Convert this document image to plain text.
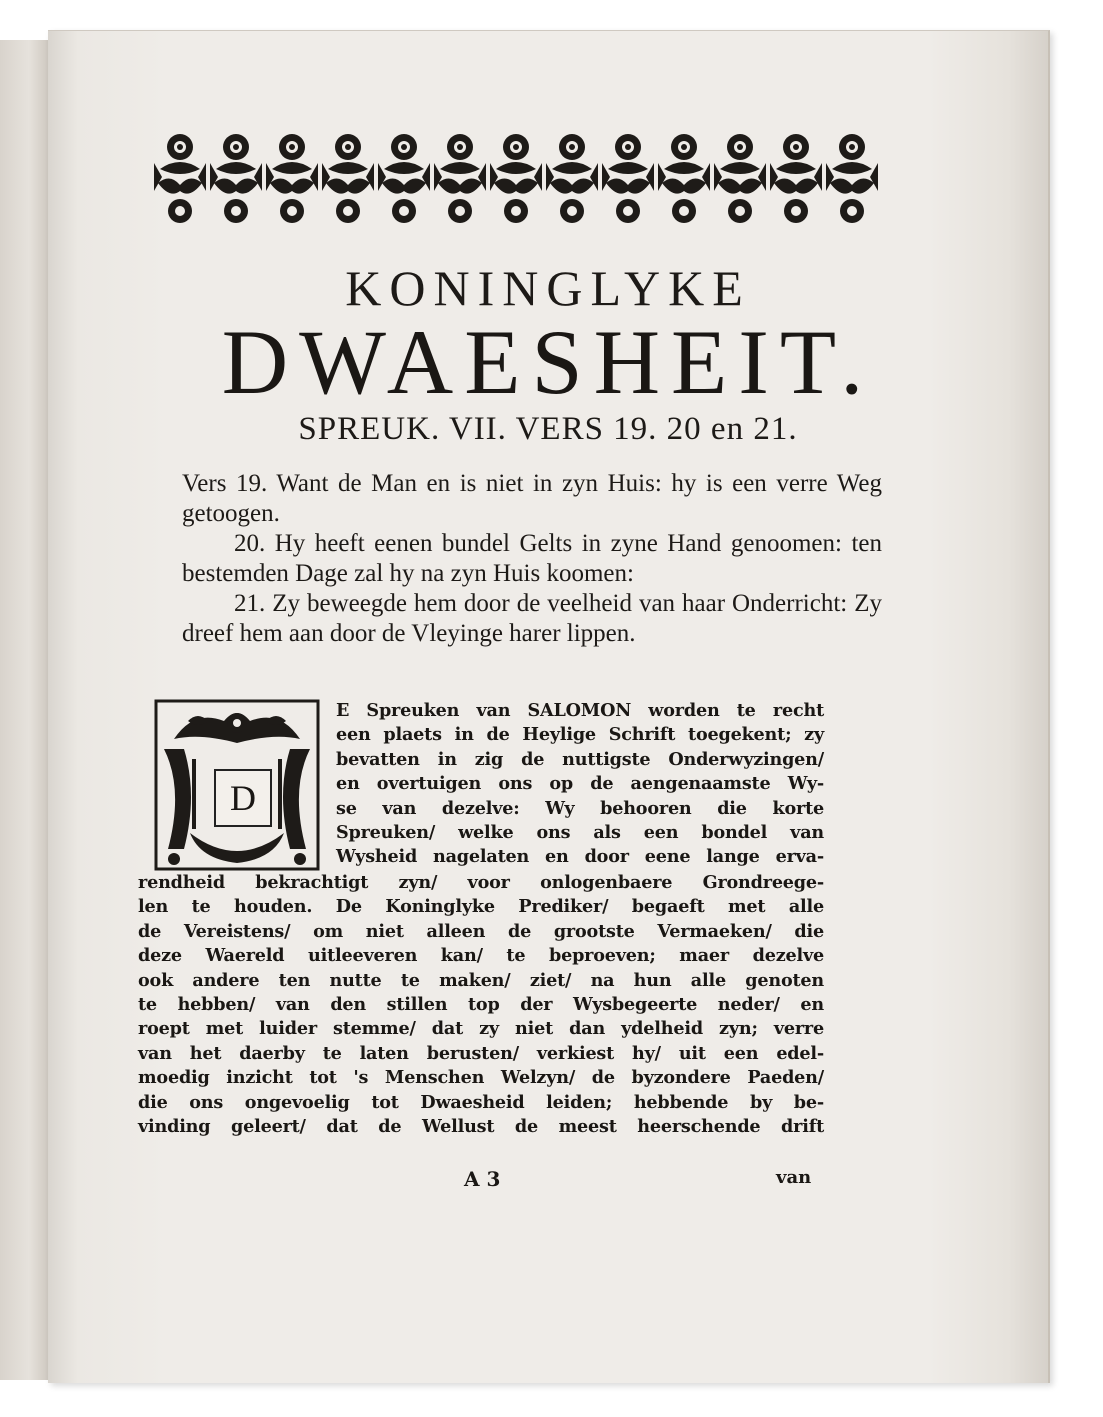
KONINGLYKE
DWAESHEIT.
SPREUK. VII. VERS 19. 20 en 21.

Vers 19. Want de Man en is niet in zyn Huis: hy is een verre Weg getoogen.

20. Hy heeft eenen bundel Gelts in zyne Hand genoomen: ten bestemden Dage zal hy na zyn Huis koomen:

21. Zy beweegde hem door de veelheid van haar Onderricht: Zy dreef hem aan door de Vleyinge harer lippen.

D
E Spreuken van SALOMON worden te recht
een plaets in de Heylige Schrift toegekent; zy
bevatten in zig de nuttigste Onderwyzingen/
en overtuigen ons op de aengenaamste Wy-
se van dezelve: Wy behooren die korte
Spreuken/ welke ons als een bondel van
Wysheid nagelaten en door eene lange erva-
rendheid bekrachtigt zyn/ voor onlogenbaere Grondreege-
len te houden. De Koninglyke Prediker/ begaeft met alle
de Vereistens/ om niet alleen de grootste Vermaeken/ die
deze Waereld uitleeveren kan/ te beproeven; maer dezelve
ook andere ten nutte te maken/ ziet/ na hun alle genoten
te hebben/ van den stillen top der Wysbegeerte neder/ en
roept met luider stemme/ dat zy niet dan ydelheid zyn; verre
van het daerby te laten berusten/ verkiest hy/ uit een edel-
moedig inzicht tot 's Menschen Welzyn/ de byzondere Paeden/
die ons ongevoelig tot Dwaesheid leiden; hebbende by be-
vinding geleert/ dat de Wellust de meest heerschende drift
A 3	van
